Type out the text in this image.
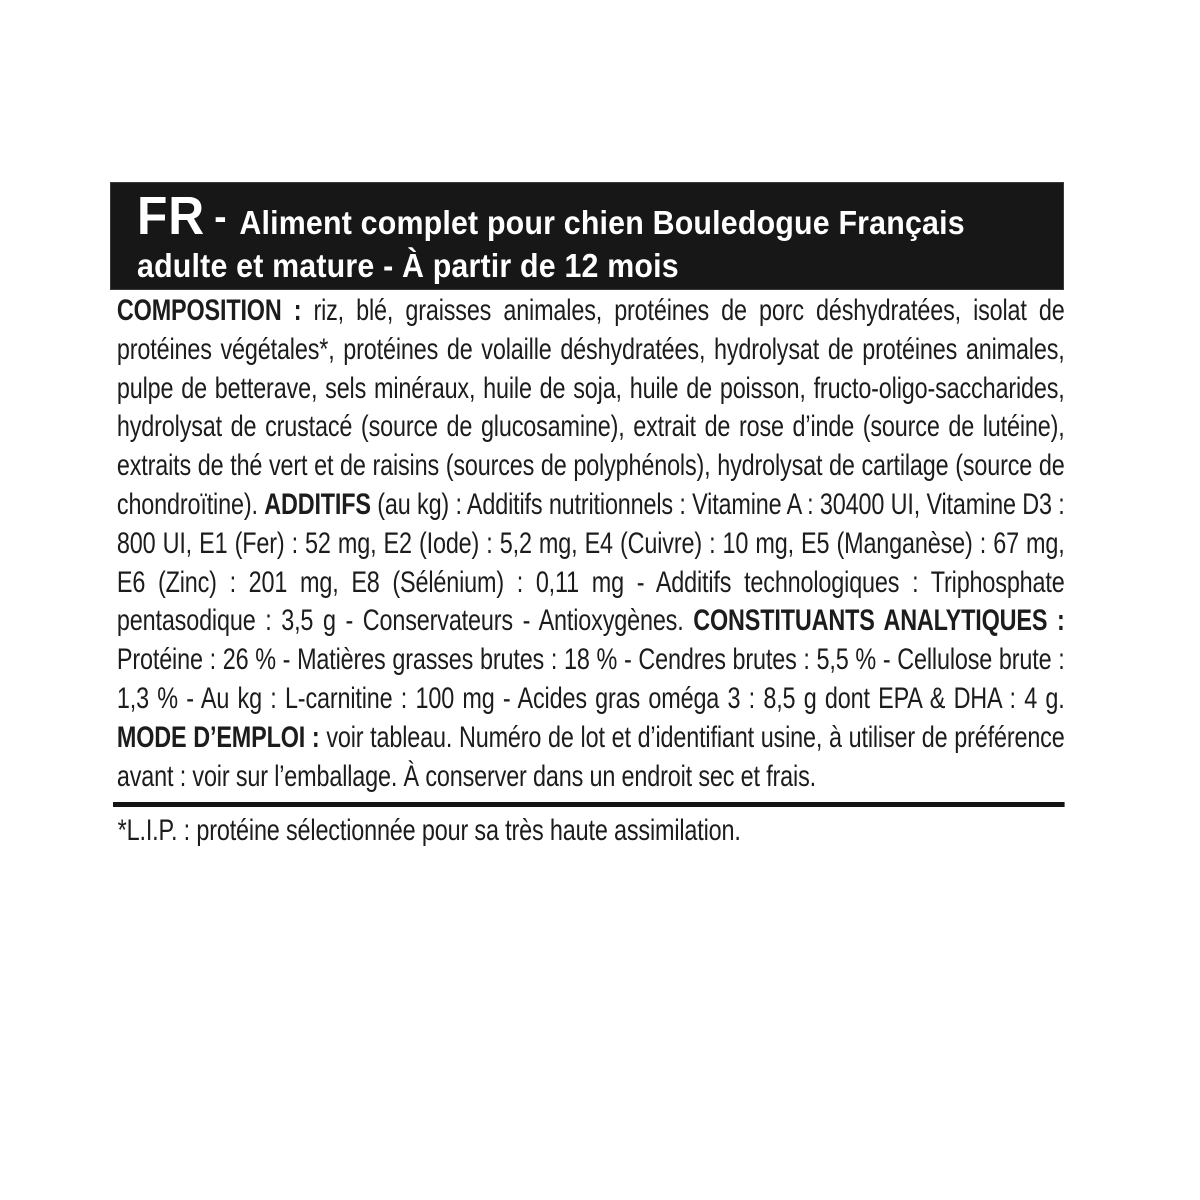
FR - Aliment complet pour chien Bouledogue Français
adulte et mature - À partir de 12 mois
COMPOSITION : riz, blé, graisses animales, protéines de porc déshydratées, isolat de protéines végétales*, protéines de volaille déshydratées, hydrolysat de protéines animales, pulpe de betterave, sels minéraux, huile de soja, huile de poisson, fructo-oligo-saccharides, hydrolysat de crustacé (source de glucosamine), extrait de rose d’inde (source de lutéine), extraits de thé vert et de raisins (sources de polyphénols), hydrolysat de cartilage (source de chondroïtine). ADDITIFS (au kg) : Additifs nutritionnels : Vitamine A : 30400 UI, Vitamine D3 : 800 UI, E1 (Fer) : 52 mg, E2 (Iode) : 5,2 mg, E4 (Cuivre) : 10 mg, E5 (Manganèse) : 67 mg, E6 (Zinc) : 201 mg, E8 (Sélénium) : 0,11 mg - Additifs technologiques : Triphosphate pentasodique : 3,5 g - Conservateurs - Antioxygènes. CONSTITUANTS ANALYTIQUES : Protéine : 26 % - Matières grasses brutes : 18 % - Cendres brutes : 5,5 % - Cellulose brute : 1,3 % - Au kg : L-carnitine : 100 mg - Acides gras oméga 3 : 8,5 g dont EPA & DHA : 4 g. MODE D’EMPLOI : voir tableau. Numéro de lot et d’identifiant usine, à utiliser de préférence avant : voir sur l’emballage. À conserver dans un endroit sec et frais.
*L.I.P. : protéine sélectionnée pour sa très haute assimilation.
